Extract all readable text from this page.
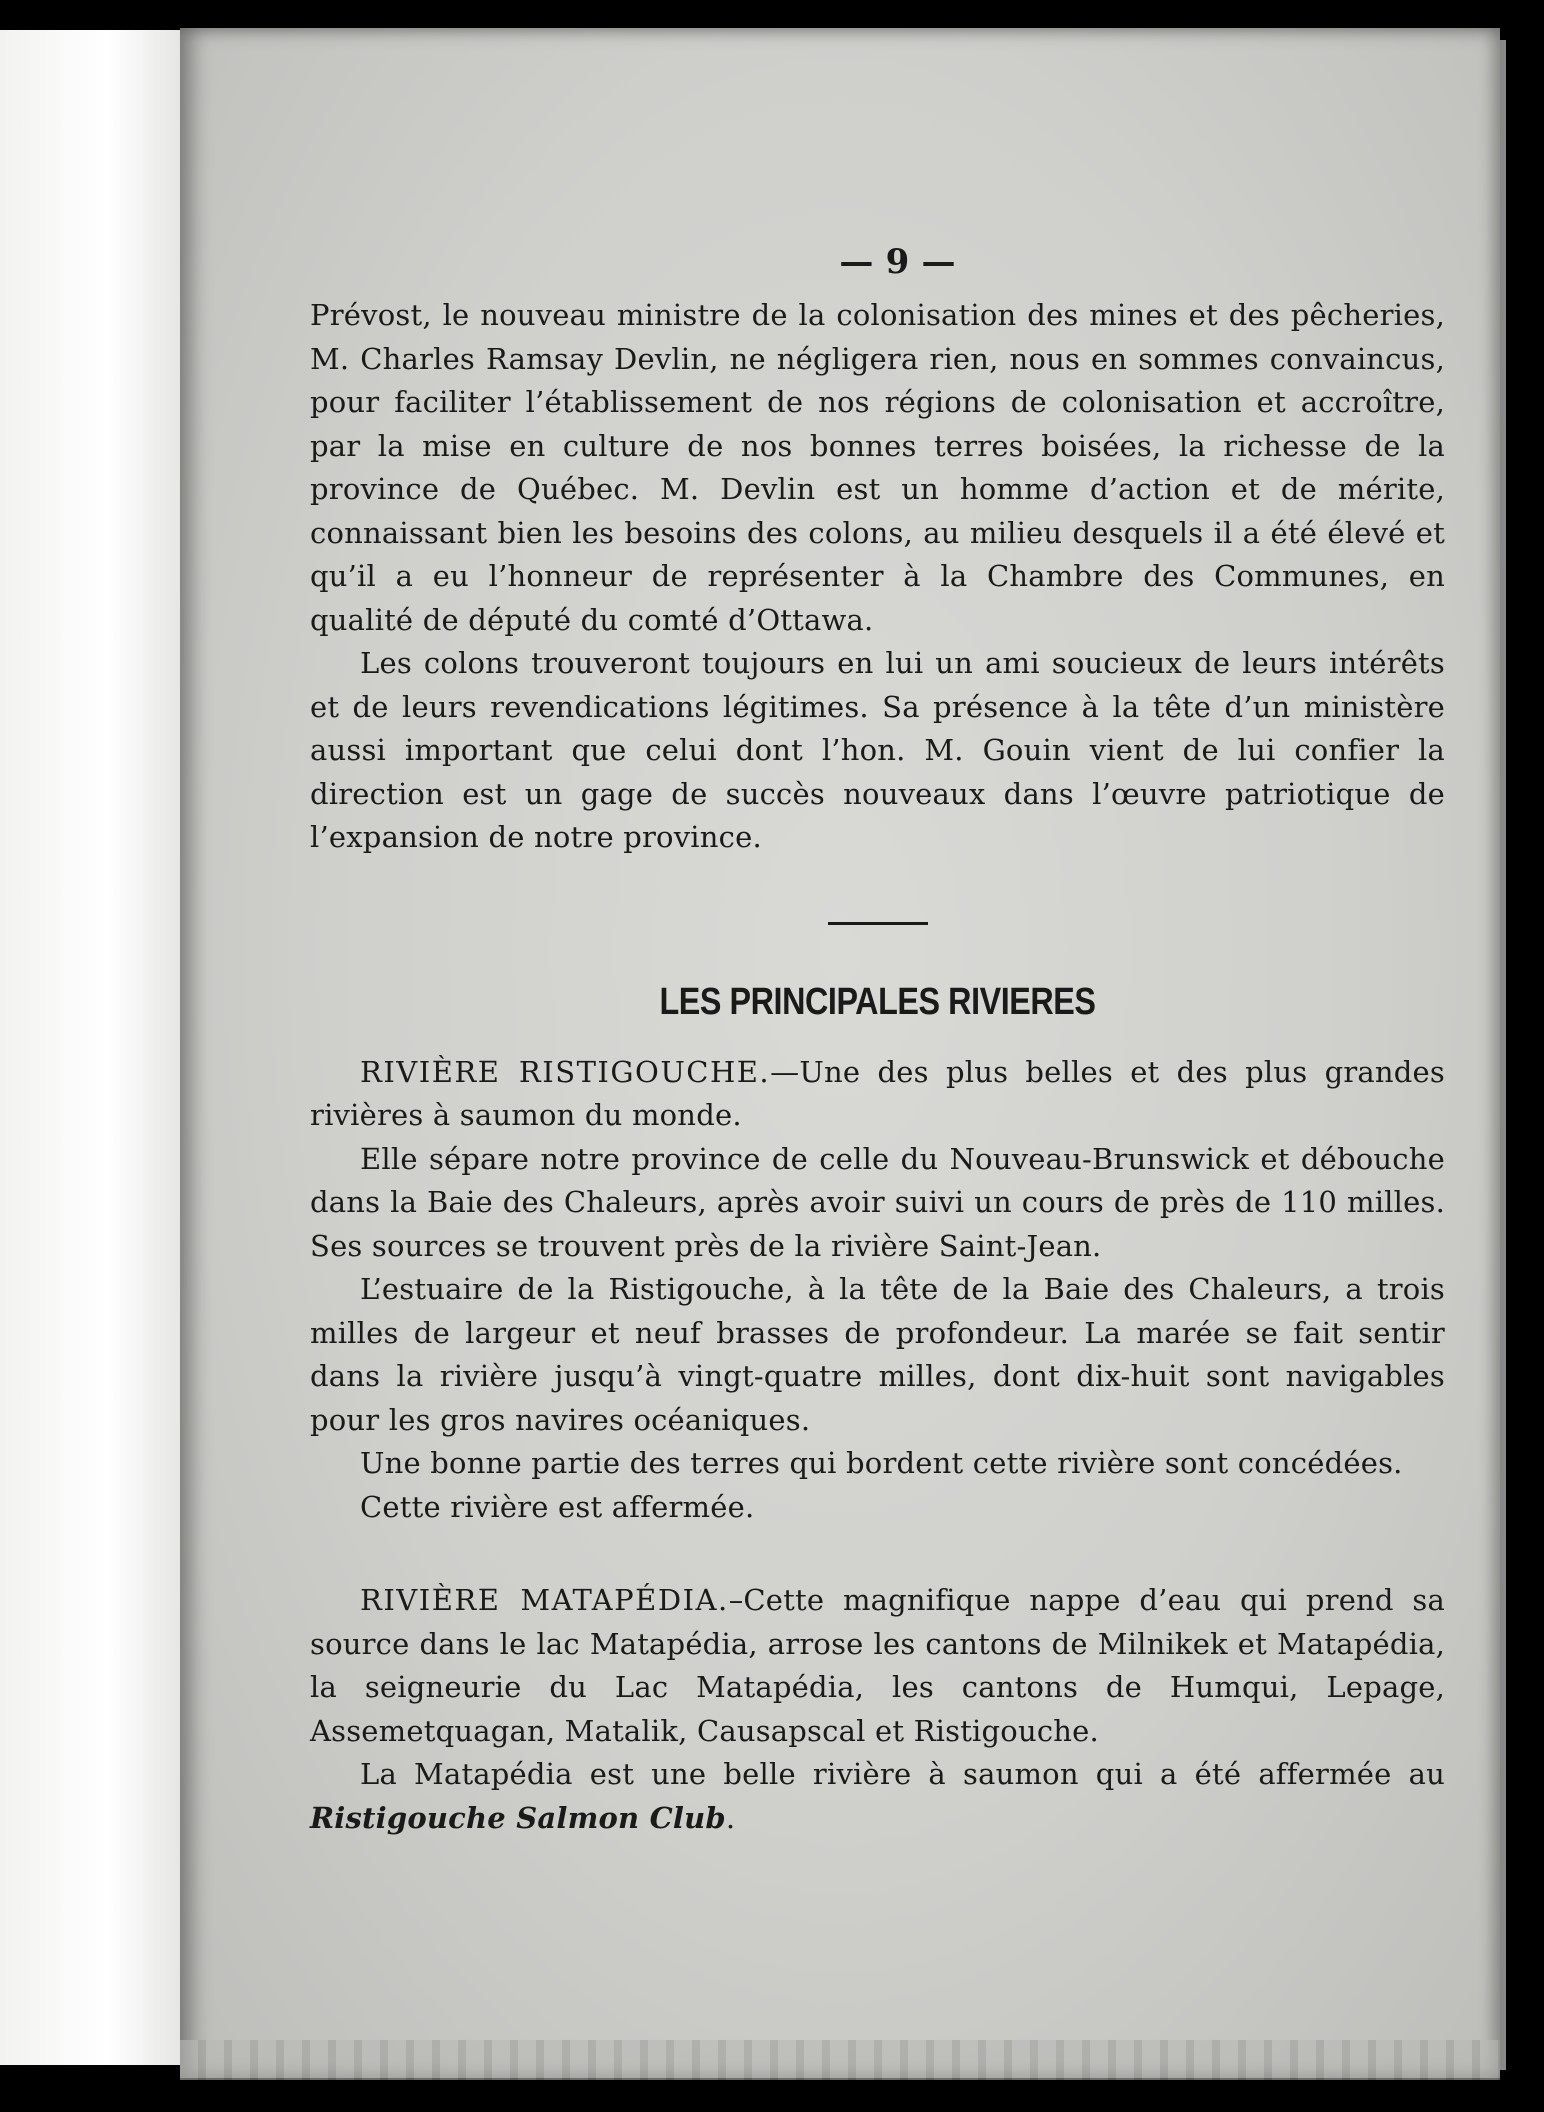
— 9 —

Prévost, le nouveau ministre de la colonisation des mines et des pêcheries, M. Charles Ramsay Devlin, ne négligera rien, nous en sommes convaincus, pour faciliter l’établissement de nos régions de colonisation et accroître, par la mise en culture de nos bonnes terres boisées, la richesse de la province de Québec. M. Devlin est un homme d’action et de mérite, connaissant bien les besoins des colons, au milieu desquels il a été élevé et qu’il a eu l’honneur de représenter à la Chambre des Communes, en qualité de député du comté d’Ottawa.

Les colons trouveront toujours en lui un ami soucieux de leurs intérêts et de leurs revendications légitimes. Sa présence à la tête d’un ministère aussi important que celui dont l’hon. M. Gouin vient de lui confier la direction est un gage de succès nouveaux dans l’œuvre patriotique de l’expansion de notre province.

LES PRINCIPALES RIVIERES

RIVIÈRE RISTIGOUCHE.—Une des plus belles et des plus grandes rivières à saumon du monde.

Elle sépare notre province de celle du Nouveau-Brunswick et débouche dans la Baie des Chaleurs, après avoir suivi un cours de près de 110 milles. Ses sources se trouvent près de la rivière Saint-Jean.

L’estuaire de la Ristigouche, à la tête de la Baie des Chaleurs, a trois milles de largeur et neuf brasses de profondeur. La marée se fait sentir dans la rivière jusqu’à vingt-quatre milles, dont dix-huit sont navigables pour les gros navires océaniques.

Une bonne partie des terres qui bordent cette rivière sont concédées.

Cette rivière est affermée.

RIVIÈRE MATAPÉDIA.–Cette magnifique nappe d’eau qui prend sa source dans le lac Matapédia, arrose les cantons de Milnikek et Matapédia, la seigneurie du Lac Matapédia, les cantons de Humqui, Lepage, Assemetquagan, Matalik, Causapscal et Ristigouche.

La Matapédia est une belle rivière à saumon qui a été affermée au Ristigouche Salmon Club.
